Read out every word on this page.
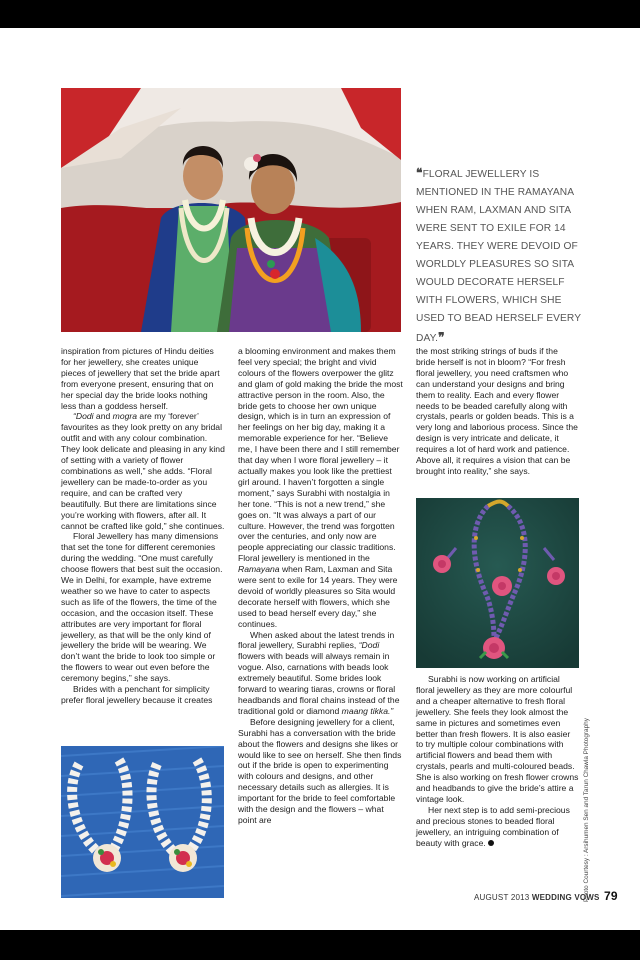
❝FLORAL JEWELLERY IS MENTIONED IN THE RAMAYANA WHEN RAM, LAXMAN AND SITA WERE SENT TO EXILE FOR 14 YEARS. THEY WERE DEVOID OF WORLDLY PLEASURES SO SITA WOULD DECORATE HERSELF WITH FLOWERS, WHICH SHE USED TO BEAD HERSELF EVERY DAY.❞

inspiration from pictures of Hindu deities for her jewellery, she creates unique pieces of jewellery that set the bride apart from everyone present, ensuring that on her special day the bride looks nothing less than a goddess herself.

“Dodi and mogra are my ‘forever’ favourites as they look pretty on any bridal outfit and with any colour combination. They look delicate and pleasing in any kind of setting with a variety of flower combinations as well,” she adds. “Floral jewellery can be made-to-order as you require, and can be crafted very beautifully. But there are limitations since you’re working with flowers, after all. It cannot be crafted like gold,” she continues.

Floral Jewellery has many dimensions that set the tone for different ceremonies during the wedding. “One must carefully choose flowers that best suit the occasion. We in Delhi, for example, have extreme weather so we have to cater to aspects such as life of the flowers, the time of the occasion, and the occasion itself. These attributes are very important for floral jewellery, as that will be the only kind of jewellery the bride will be wearing. We don’t want the bride to look too simple or the flowers to wear out even before the ceremony begins,” she says.

Brides with a penchant for simplicity prefer floral jewellery because it creates

a blooming environment and makes them feel very special; the bright and vivid colours of the flowers overpower the glitz and glam of gold making the bride the most attractive person in the room. Also, the bride gets to choose her own unique design, which is in turn an expression of her feelings on her big day, making it a memorable experience for her. “Believe me, I have been there and I still remember that day when I wore floral jewellery – it actually makes you look like the prettiest girl around. I haven’t forgotten a single moment,” says Surabhi with nostalgia in her tone. “This is not a new trend,” she goes on. “It was always a part of our culture. However, the trend was forgotten over the centuries, and only now are people appreciating our classic traditions. Floral jewellery is mentioned in the Ramayana when Ram, Laxman and Sita were sent to exile for 14 years. They were devoid of worldly pleasures so Sita would decorate herself with flowers, which she used to bead herself every day,” she continues.

When asked about the latest trends in floral jewellery, Surabhi replies, “Dodi flowers with beads will always remain in vogue. Also, carnations with beads look extremely beautiful. Some brides look forward to wearing tiaras, crowns or floral headbands and floral chains instead of the traditional gold or diamond maang tikka.”

Before designing jewellery for a client, Surabhi has a conversation with the bride about the flowers and designs she likes or would like to see on herself. She then finds out if the bride is open to experimenting with colours and designs, and other necessary details such as allergies. It is important for the bride to feel comfortable with the design and the flowers – what point are

the most striking strings of buds if the bride herself is not in bloom? “For fresh floral jewellery, you need craftsmen who can understand your designs and bring them to reality. Each and every flower needs to be beaded carefully along with crystals, pearls or golden beads. This is a very long and laborious process. Since the design is very intricate and delicate, it requires a lot of hard work and patience. Above all, it requires a vision that can be brought into reality,” she says.

Surabhi is now working on artificial floral jewellery as they are more colourful and a cheaper alternative to fresh floral jewellery. She feels they look almost the same in pictures and sometimes even better than fresh flowers. It is also easier to try multiple colour combinations with artificial flowers and bead them with crystals, pearls and multi-coloured beads. She is also working on fresh flower crowns and headbands to give the bride’s attire a vintage look.

Her next step is to add semi-precious and precious stones to beaded floral jewellery, an intriguing combination of beauty with grace.	Photo Courtesy : Arsihumen Sen and Tarun Chawla Photography
AUGUST 2013 WEDDING VOWS 79
